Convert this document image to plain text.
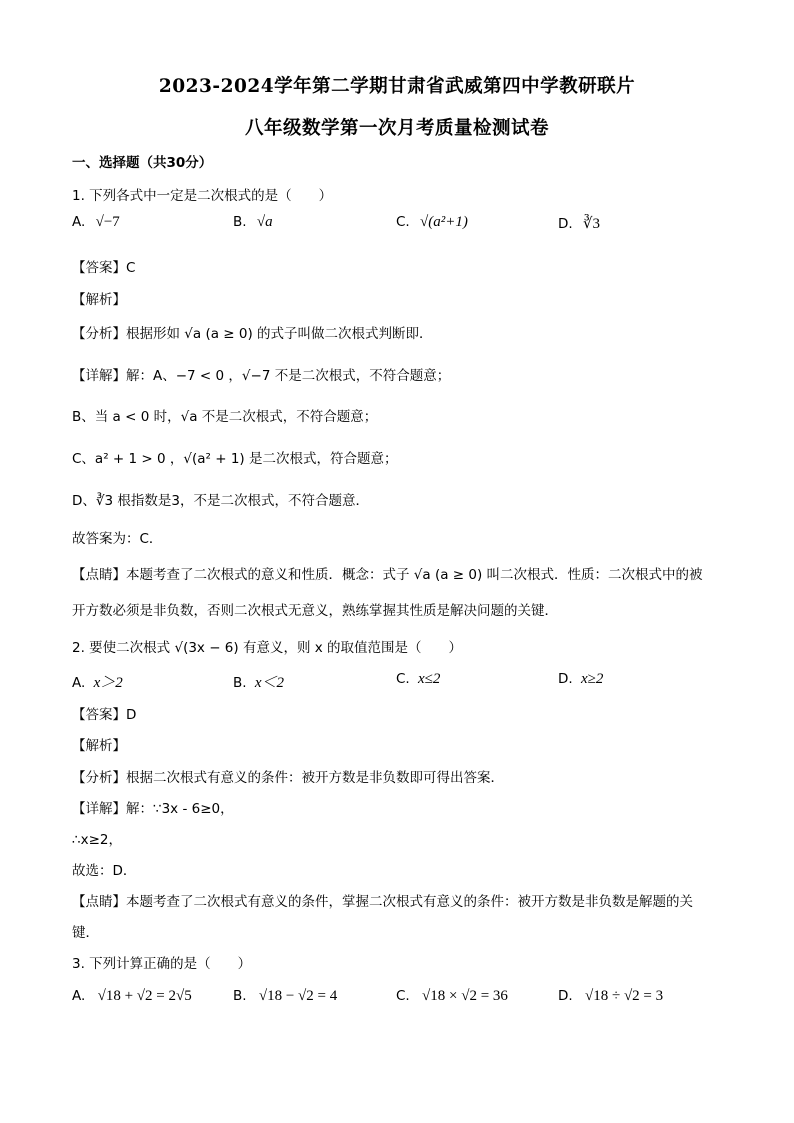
2023-2024学年第二学期甘肃省武威第四中学教研联片
八年级数学第一次月考质量检测试卷
一、选择题（共30分）
1. 下列各式中一定是二次根式的是（　　）
A. √−7	B. √a	C. √(a²+1)	D. ∛3
【答案】C
【解析】
【分析】根据形如 √a (a ≥ 0) 的式子叫做二次根式判断即．
【详解】解：A、−7 < 0 ，√−7 不是二次根式，不符合题意；
B、当 a < 0 时，√a 不是二次根式，不符合题意；
C、a² + 1 > 0 ，√(a² + 1) 是二次根式，符合题意；
D、∛3 根指数是3，不是二次根式，不符合题意．
故答案为：C．
【点睛】本题考查了二次根式的意义和性质．概念：式子 √a (a ≥ 0) 叫二次根式．性质：二次根式中的被
开方数必须是非负数，否则二次根式无意义，熟练掌握其性质是解决问题的关键．
2. 要使二次根式 √(3x − 6) 有意义，则 x 的取值范围是（　　）
A. x＞2	B. x＜2	C. x≤2	D. x≥2
【答案】D
【解析】
【分析】根据二次根式有意义的条件：被开方数是非负数即可得出答案．
【详解】解：∵3x - 6≥0，
∴x≥2，
故选：D．
【点睛】本题考查了二次根式有意义的条件，掌握二次根式有意义的条件：被开方数是非负数是解题的关
键．
3. 下列计算正确的是（　　）
A. √18 + √2 = 2√5	B. √18 − √2 = 4	C. √18 × √2 = 36	D. √18 ÷ √2 = 3
